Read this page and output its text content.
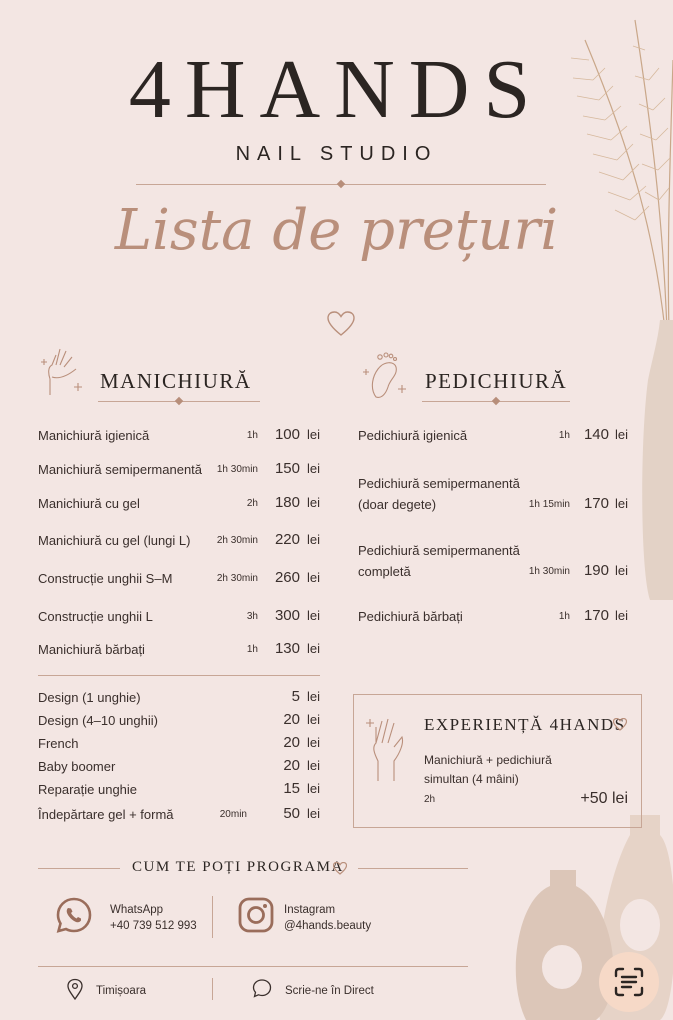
4HANDS
NAIL STUDIO
Lista de prețuri
MANICHIURĂ
Manichiură igienică	1h 100 lei
Manichiură semipermanentă 1h 30min 150 lei
Manichiură cu gel	2h 180 lei
Manichiură cu gel (lungi L)	2h 30min 220 lei
Construcție unghii S–M	2h 30min 260 lei
Construcție unghii L	3h 300 lei
Manichiură bărbați	1h 130 lei
Design (1 unghie)	5 lei
Design (4–10 unghii)	20 lei
French	20 lei
Baby boomer	20 lei
Reparație unghie	15 lei
Îndepărtare gel + formă	20min 50 lei
PEDICHIURĂ
Pedichiură igienică	1h 140 lei
Pedichiură semipermanentă
(doar degete)	1h 15min 170 lei
Pedichiură semipermanentă
completă	1h 30min 190 lei
Pedichiură bărbați	1h 170 lei
EXPERIENȚĂ 4HANDS
Manichiură + pedichiură
simultan (4 mâini)
2h	+50 lei
CUM TE POȚI PROGRAMA
WhatsApp
+40 739 512 993
Instagram
@4hands.beauty
Timișoara	Scrie-ne în Direct
